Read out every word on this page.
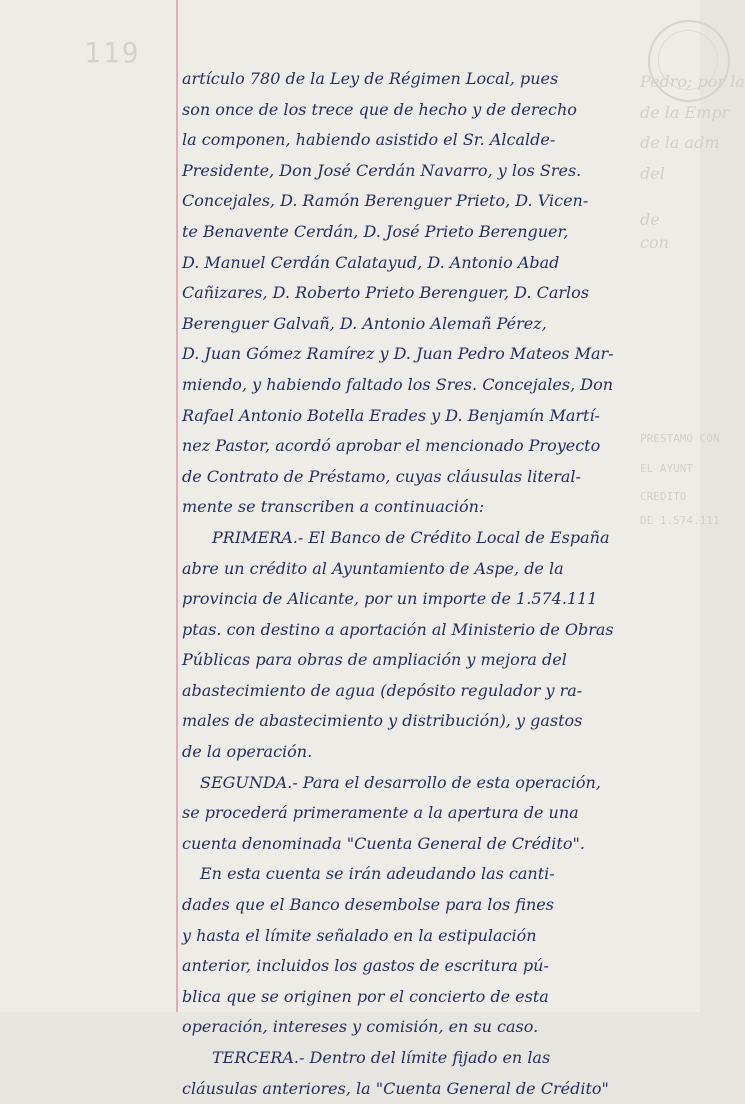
119
Pedro; por la
de la Empr
de la adm
del
de
con
PRESTAMO CON
EL AYUNT
CREDITO
DE 1.574.111
artículo 780 de la Ley de Régimen Local, pues
son once de los trece que de hecho y de derecho
la componen, habiendo asistido el Sr. Alcalde-
Presidente, Don José Cerdán Navarro, y los Sres.
Concejales, D. Ramón Berenguer Prieto, D. Vicen-
te Benavente Cerdán, D. José Prieto Berenguer,
D. Manuel Cerdán Calatayud, D. Antonio Abad
Cañizares, D. Roberto Prieto Berenguer, D. Carlos
Berenguer Galvañ, D. Antonio Alemañ Pérez,
D. Juan Gómez Ramírez y D. Juan Pedro Mateos Mar-
miendo, y habiendo faltado los Sres. Concejales, Don
Rafael Antonio Botella Erades y D. Benjamín Martí-
nez Pastor, acordó aprobar el mencionado Proyecto
de Contrato de Préstamo, cuyas cláusulas literal-
mente se transcriben a continuación:
PRIMERA.- El Banco de Crédito Local de España
abre un crédito al Ayuntamiento de Aspe, de la
provincia de Alicante, por un importe de 1.574.111
ptas. con destino a aportación al Ministerio de Obras
Públicas para obras de ampliación y mejora del
abastecimiento de agua (depósito regulador y ra-
males de abastecimiento y distribución), y gastos
de la operación.
SEGUNDA.- Para el desarrollo de esta operación,
se procederá primeramente a la apertura de una
cuenta denominada "Cuenta General de Crédito".
En esta cuenta se irán adeudando las canti-
dades que el Banco desembolse para los fines
y hasta el límite señalado en la estipulación
anterior, incluidos los gastos de escritura pú-
blica que se originen por el concierto de esta
operación, intereses y comisión, en su caso.
TERCERA.- Dentro del límite fijado en las
cláusulas anteriores, la "Cuenta General de Crédito"
